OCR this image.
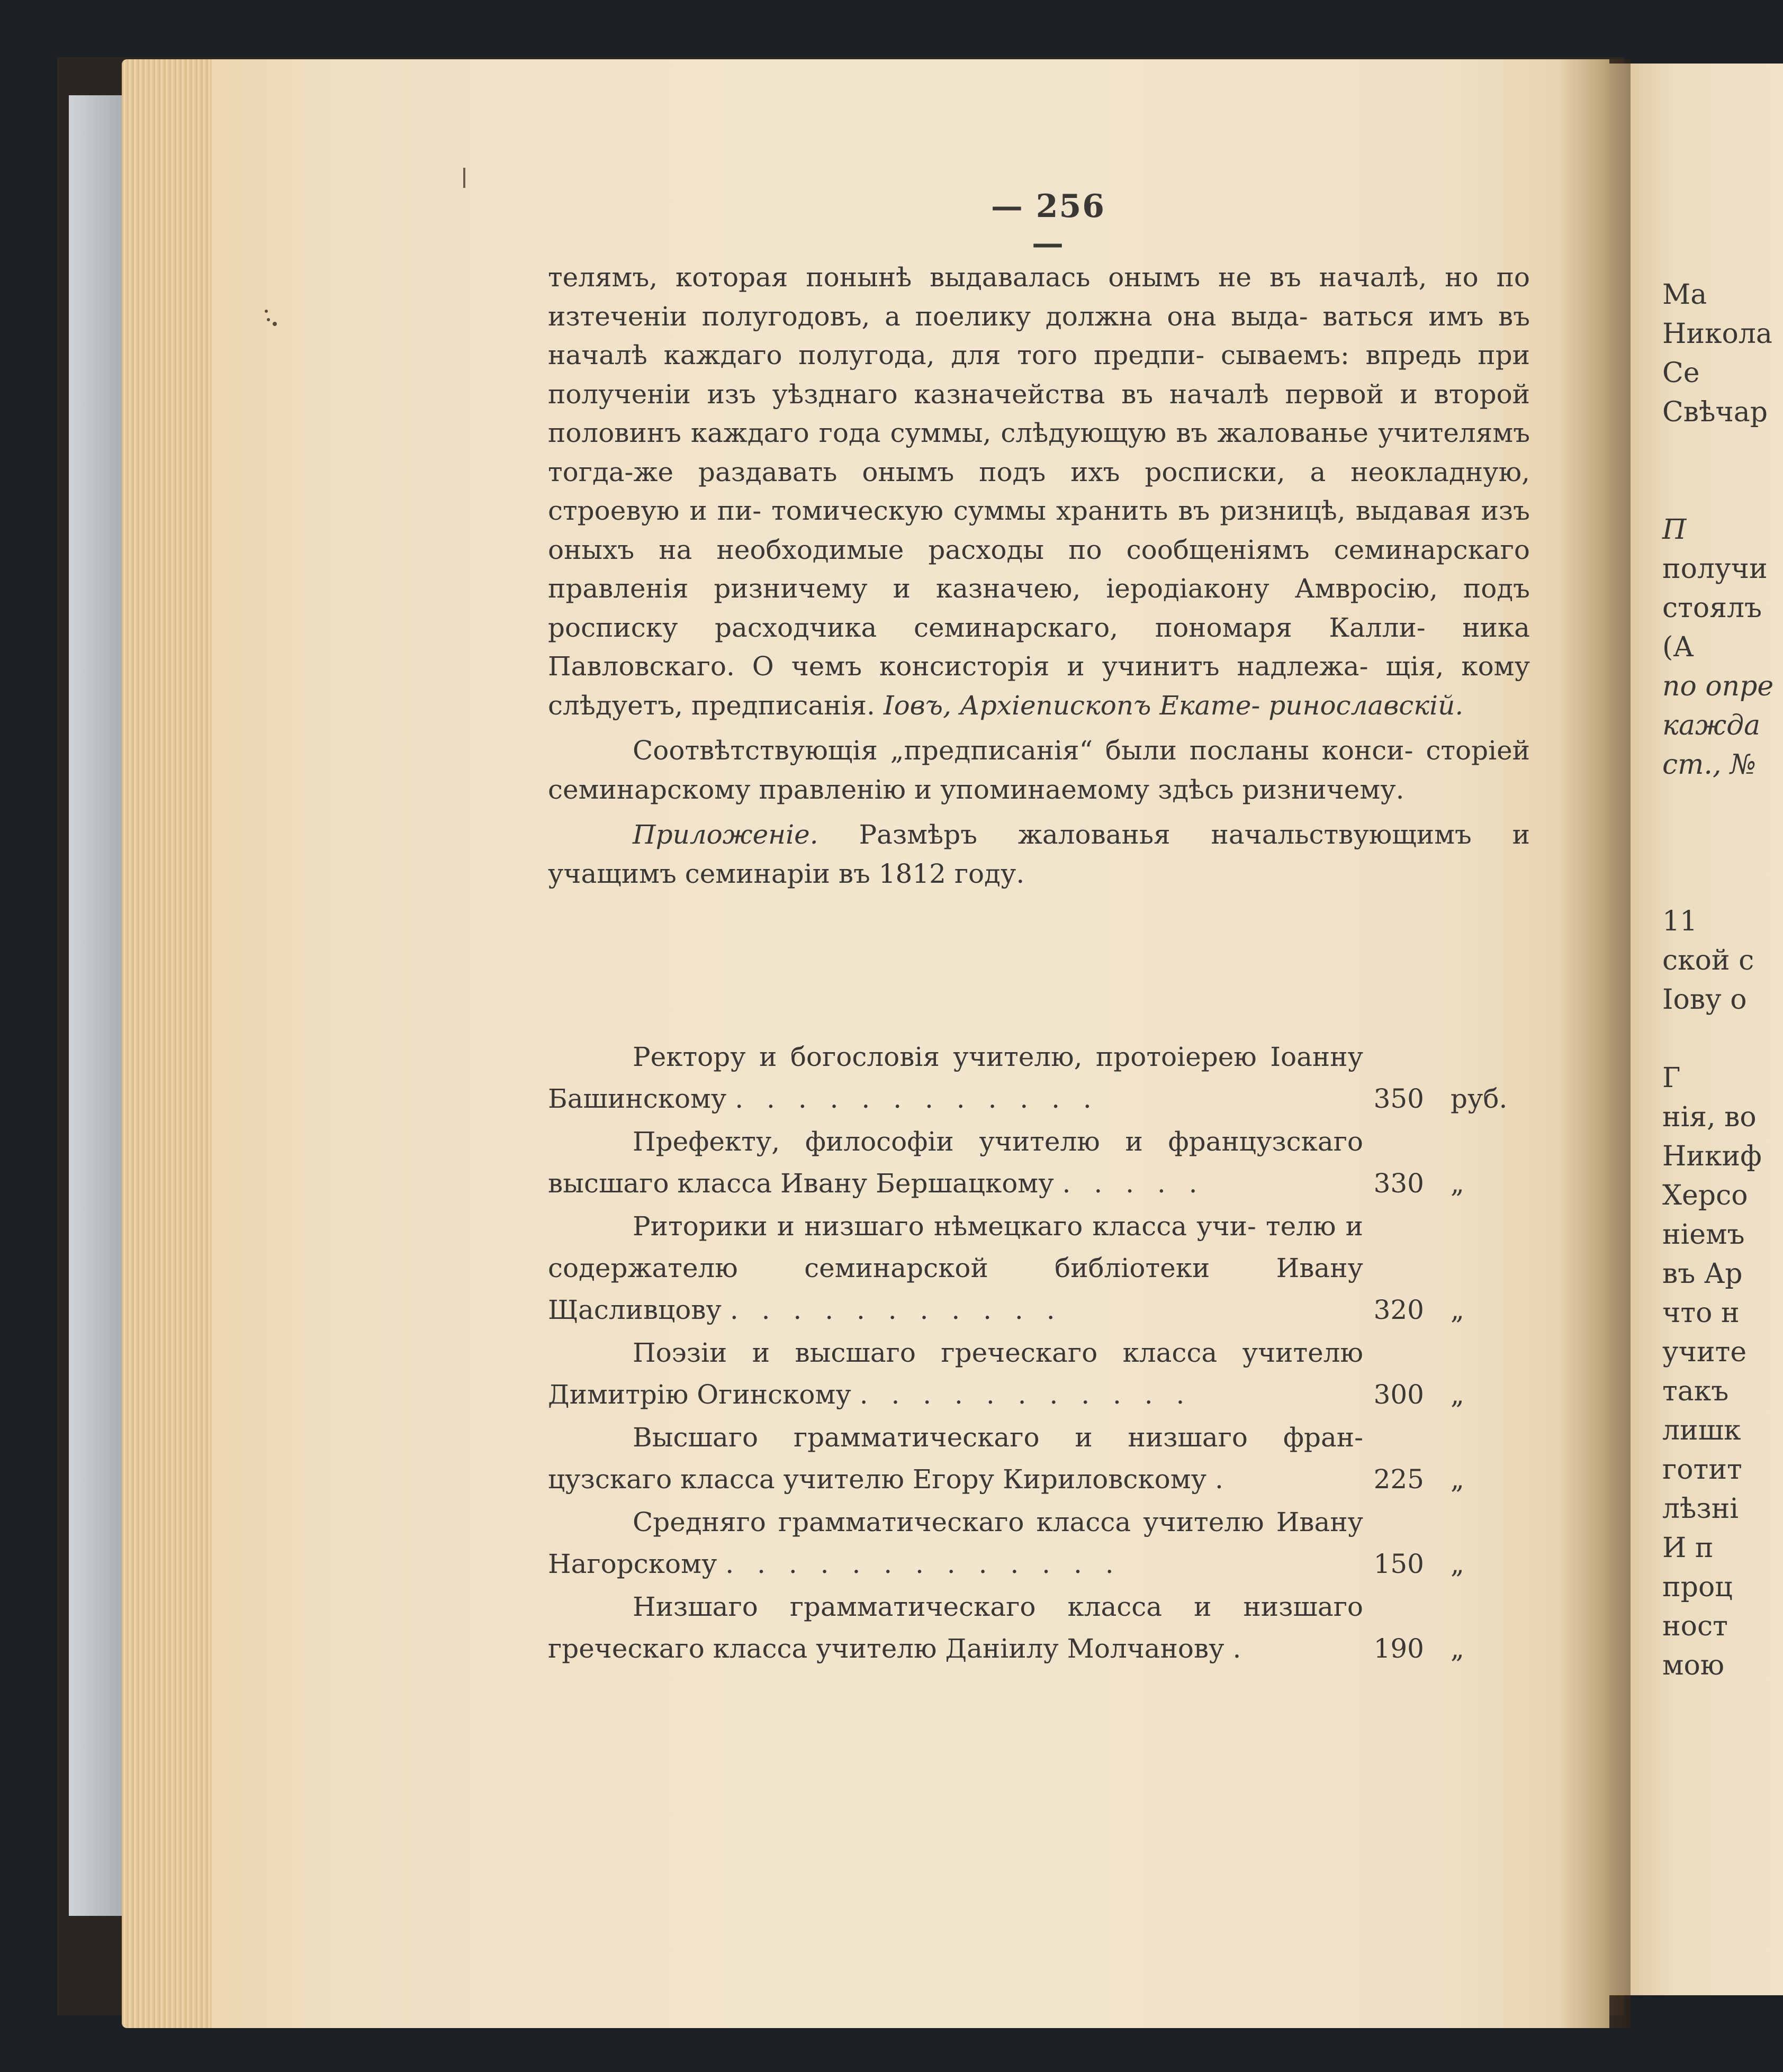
— 256 —

телямъ, которая понынѣ выдавалась онымъ не въ началѣ, но по изтеченіи полугодовъ, а поелику должна она выда- ваться имъ въ началѣ каждаго полугода, для того предпи- сываемъ: впредь при полученіи изъ уѣзднаго казначейства въ началѣ первой и второй половинъ каждаго года суммы, слѣдующую въ жалованье учителямъ тогда-же раздавать онымъ подъ ихъ росписки, а неокладную, строевую и пи- томическую суммы хранить въ ризницѣ, выдавая изъ оныхъ на необходимые расходы по сообщеніямъ семинарскаго правленія ризничему и казначею, іеродіакону Амвросію, подъ росписку расходчика семинарскаго, пономаря Калли- ника Павловскаго. О чемъ консисторія и учинитъ надлежа- щія, кому слѣдуетъ, предписанія. Іовъ, Архіепископъ Екате- ринославскій.

Соотвѣтствующія „предписанія“ были посланы конси- сторіей семинарскому правленію и упоминаемому здѣсь ризничему.

Приложеніе. Размѣръ жалованья начальствующимъ и учащимъ семинаріи въ 1812 году.

Ректору и богословія учителю, протоіерею Іоанну Башинскому . . . . . . . . . . . .	350	руб.
Префекту, философіи учителю и французскаго высшаго класса Ивану Бершацкому . . . . .	330	„
Риторики и низшаго нѣмецкаго класса учи- телю и содержателю семинарской библіотеки	Ивану Щасливцову . . . . . . . . . . .	320	„
Поэзіи и высшаго греческаго класса учителю Димитрію Огинскому . . . . . . . . . . .	300	„
Высшаго грамматическаго и низшаго фран- цузскаго класса учителю Егору Кириловскому .	225	„
Средняго грамматическаго класса учителю Ивану Нагорскому . . . . . . . . . . . . .	150	„
Низшаго грамматическаго класса и низшаго греческаго класса учителю Даніилу Молчанову .	190	„
Ма
Никола
Се
Свѣчар
П
получи
стоялъ
(А
по опре
кажда
ст., №
11
ской с
Іову о
Г
нія, во
Никиф
Херсо
ніемъ
въ Ар
что н
учите
такъ
лишк
готит
лѣзні
И п
проц
ност
мою
